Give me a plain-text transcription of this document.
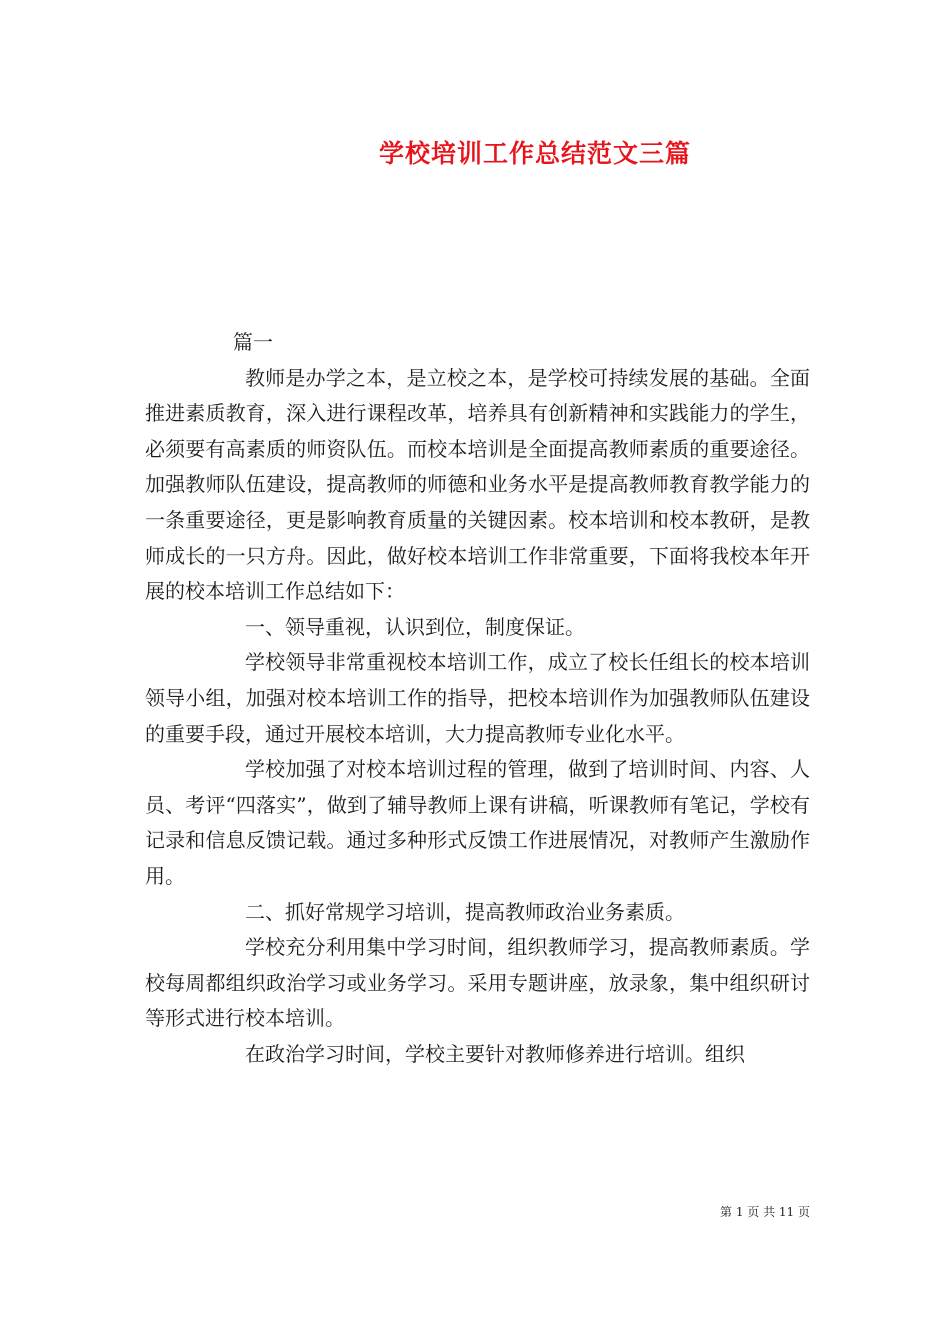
学校培训工作总结范文三篇

篇一

教师是办学之本，是立校之本，是学校可持续发展的基础。全面推进素质教育，深入进行课程改革，培养具有创新精神和实践能力的学生，必须要有高素质的师资队伍。而校本培训是全面提高教师素质的重要途径。加强教师队伍建设，提高教师的师德和业务水平是提高教师教育教学能力的一条重要途径，更是影响教育质量的关键因素。校本培训和校本教研，是教师成长的一只方舟。因此，做好校本培训工作非常重要，下面将我校本年开展的校本培训工作总结如下：

一、领导重视，认识到位，制度保证。

学校领导非常重视校本培训工作，成立了校长任组长的校本培训领导小组，加强对校本培训工作的指导，把校本培训作为加强教师队伍建设的重要手段，通过开展校本培训，大力提高教师专业化水平。

学校加强了对校本培训过程的管理，做到了培训时间、内容、人员、考评“四落实”，做到了辅导教师上课有讲稿，听课教师有笔记，学校有记录和信息反馈记载。通过多种形式反馈工作进展情况，对教师产生激励作用。

二、抓好常规学习培训，提高教师政治业务素质。

学校充分利用集中学习时间，组织教师学习，提高教师素质。学校每周都组织政治学习或业务学习。采用专题讲座，放录象，集中组织研讨等形式进行校本培训。

在政治学习时间，学校主要针对教师修养进行培训。组织

第 1 页 共 11 页
